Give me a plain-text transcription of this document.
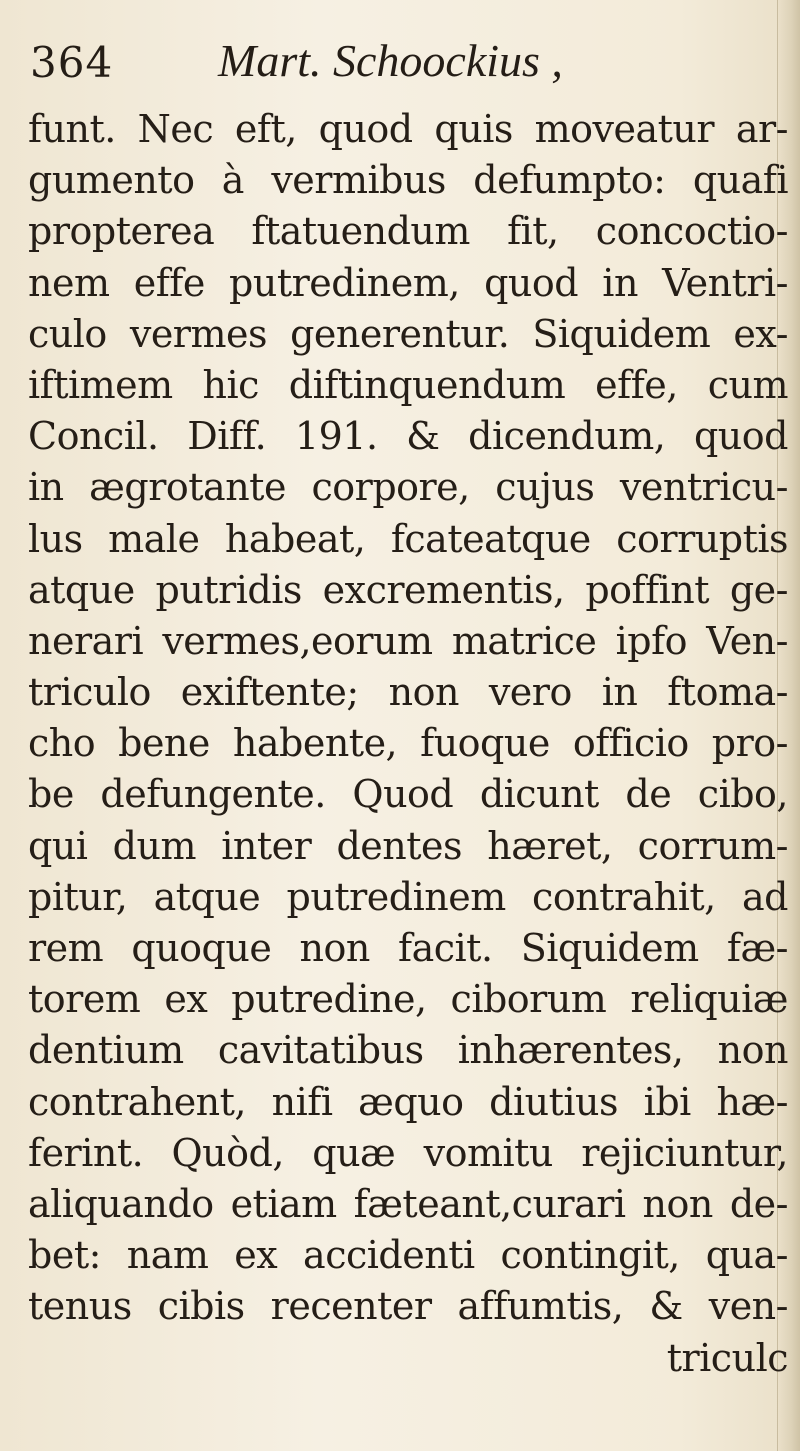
364 Mart. Schoockius ,
funt. Nec eft, quod quis moveatur ar-
gumento à vermibus defumpto: quafi
propterea ftatuendum fit, concoctio-
nem effe putredinem, quod in Ventri-
culo vermes generentur. Siquidem ex-
iftimem hic diftinquendum effe, cum
Concil. Diff. 191. & dicendum, quod
in ægrotante corpore, cujus ventricu-
lus male habeat, fcateatque corruptis
atque putridis excrementis, poffint ge-
nerari vermes,eorum matrice ipfo Ven-
triculo exiftente; non vero in ftoma-
cho bene habente, fuoque officio pro-
be defungente. Quod dicunt de cibo,
qui dum inter dentes hæret, corrum-
pitur, atque putredinem contrahit, ad
rem quoque non facit. Siquidem fæ-
torem ex putredine, ciborum reliquiæ
dentium cavitatibus inhærentes, non
contrahent, nifi æquo diutius ibi hæ-
ferint. Quòd, quæ vomitu rejiciuntur,
aliquando etiam fæteant,curari non de-
bet: nam ex accidenti contingit, qua-
tenus cibis recenter affumtis, & ven-
triculc
